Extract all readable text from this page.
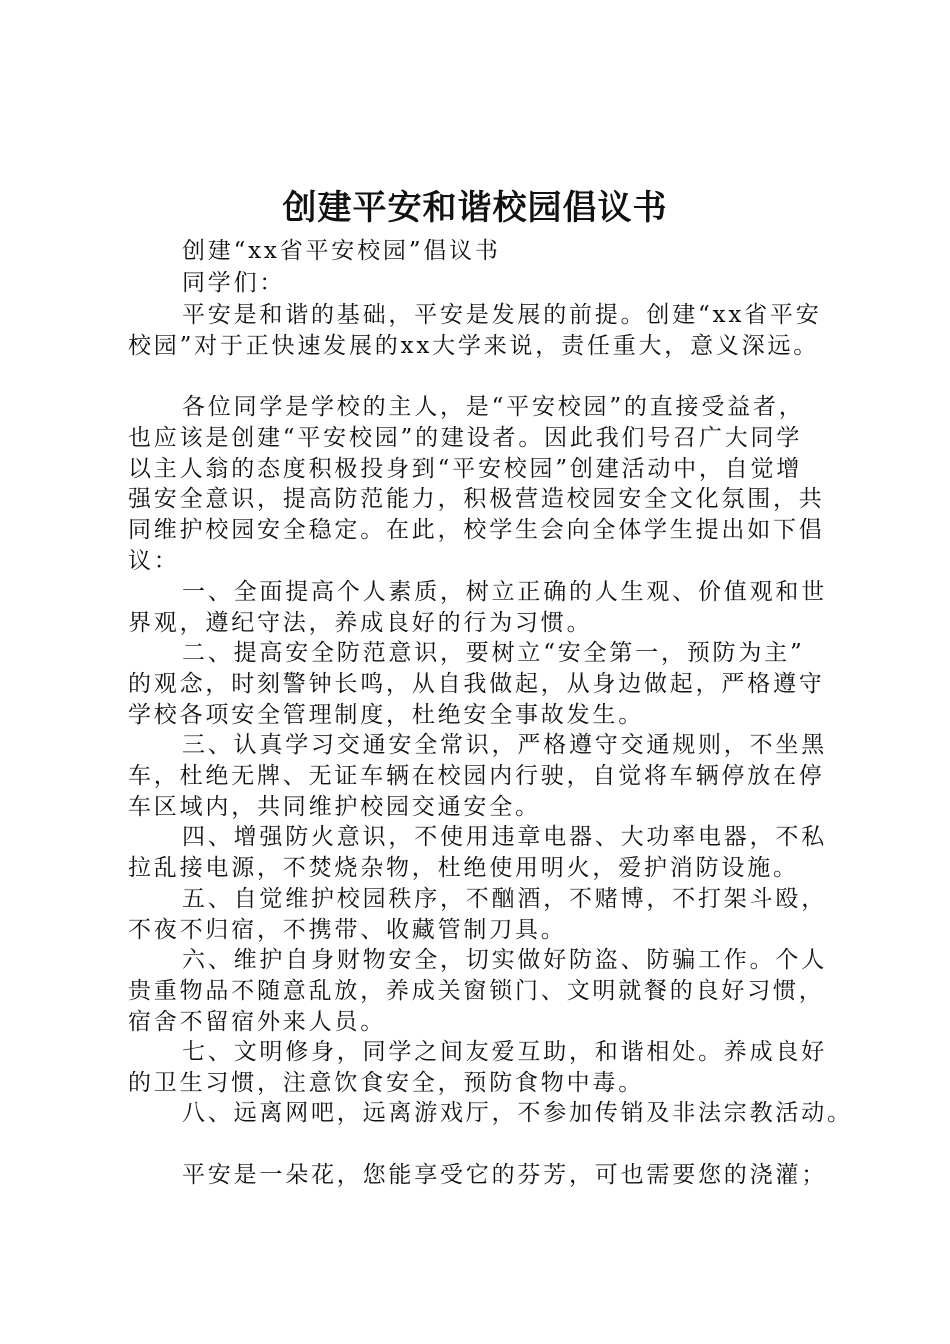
创建平安和谐校园倡议书
创建“xx省平安校园”倡议书
同学们：
平安是和谐的基础，平安是发展的前提。创建“xx省平安
校园”对于正快速发展的xx大学来说，责任重大，意义深远。
各位同学是学校的主人，是“平安校园”的直接受益者，
也应该是创建“平安校园”的建设者。因此我们号召广大同学
以主人翁的态度积极投身到“平安校园”创建活动中，自觉增
强安全意识，提高防范能力，积极营造校园安全文化氛围，共
同维护校园安全稳定。在此，校学生会向全体学生提出如下倡
议：
一、全面提高个人素质，树立正确的人生观、价值观和世
界观，遵纪守法，养成良好的行为习惯。
二、提高安全防范意识，要树立“安全第一，预防为主”
的观念，时刻警钟长鸣，从自我做起，从身边做起，严格遵守
学校各项安全管理制度，杜绝安全事故发生。
三、认真学习交通安全常识，严格遵守交通规则，不坐黑
车，杜绝无牌、无证车辆在校园内行驶，自觉将车辆停放在停
车区域内，共同维护校园交通安全。
四、增强防火意识，不使用违章电器、大功率电器，不私
拉乱接电源，不焚烧杂物，杜绝使用明火，爱护消防设施。
五、自觉维护校园秩序，不酗酒，不赌博，不打架斗殴，
不夜不归宿，不携带、收藏管制刀具。
六、维护自身财物安全，切实做好防盗、防骗工作。个人
贵重物品不随意乱放，养成关窗锁门、文明就餐的良好习惯，
宿舍不留宿外来人员。
七、文明修身，同学之间友爱互助，和谐相处。养成良好
的卫生习惯，注意饮食安全，预防食物中毒。
八、远离网吧，远离游戏厅，不参加传销及非法宗教活动。
平安是一朵花，您能享受它的芬芳，可也需要您的浇灌；
